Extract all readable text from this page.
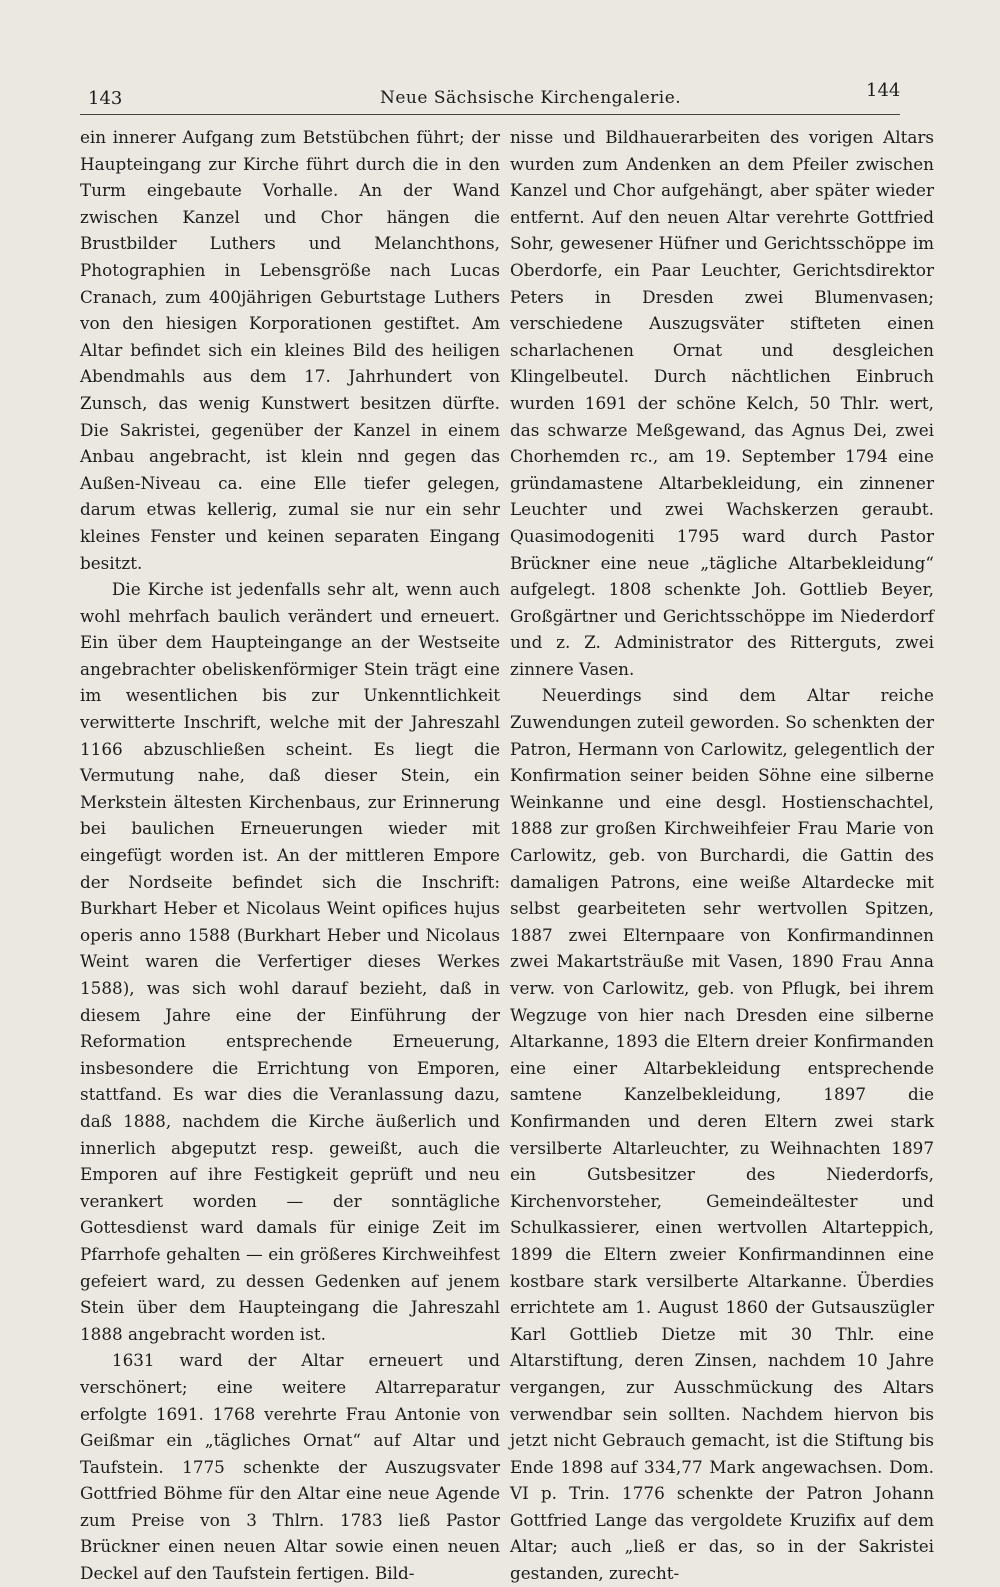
143	Neue Sächsische Kirchengalerie.	144

ein innerer Aufgang zum Betstübchen führt; der Haupteingang zur Kirche führt durch die in den Turm eingebaute Vorhalle. An der Wand zwischen Kanzel und Chor hängen die Brustbilder Luthers und Melanchthons, Photographien in Lebensgröße nach Lucas Cranach, zum 400jährigen Geburtstage Luthers von den hiesigen Korporationen gestiftet. Am Altar befindet sich ein kleines Bild des heiligen Abendmahls aus dem 17. Jahrhundert von Zunsch, das wenig Kunstwert besitzen dürfte. Die Sakristei, gegenüber der Kanzel in einem Anbau angebracht, ist klein nnd gegen das Außen-Niveau ca. eine Elle tiefer gelegen, darum etwas kellerig, zumal sie nur ein sehr kleines Fenster und keinen separaten Eingang besitzt.

Die Kirche ist jedenfalls sehr alt, wenn auch wohl mehrfach baulich verändert und erneuert. Ein über dem Haupteingange an der Westseite angebrachter obeliskenförmiger Stein trägt eine im wesentlichen bis zur Unkenntlichkeit verwitterte Inschrift, welche mit der Jahreszahl 1166 abzuschließen scheint. Es liegt die Vermutung nahe, daß dieser Stein, ein Merkstein ältesten Kirchenbaus, zur Erinnerung bei baulichen Erneuerungen wieder mit eingefügt worden ist. An der mittleren Empore der Nordseite befindet sich die Inschrift: Burkhart Heber et Nicolaus Weint opifices hujus operis anno 1588 (Burkhart Heber und Nicolaus Weint waren die Verfertiger dieses Werkes 1588), was sich wohl darauf bezieht, daß in diesem Jahre eine der Einführung der Reformation entsprechende Erneuerung, insbesondere die Errichtung von Emporen, stattfand. Es war dies die Veranlassung dazu, daß 1888, nachdem die Kirche äußerlich und innerlich abgeputzt resp. geweißt, auch die Emporen auf ihre Festigkeit geprüft und neu verankert worden — der sonntägliche Gottesdienst ward damals für einige Zeit im Pfarrhofe gehalten — ein größeres Kirchweihfest gefeiert ward, zu dessen Gedenken auf jenem Stein über dem Haupteingang die Jahreszahl 1888 angebracht worden ist.

1631 ward der Altar erneuert und verschönert; eine weitere Altarreparatur erfolgte 1691. 1768 verehrte Frau Antonie von Geißmar ein „tägliches Ornat“ auf Altar und Taufstein. 1775 schenkte der Auszugsvater Gottfried Böhme für den Altar eine neue Agende zum Preise von 3 Thlrn. 1783 ließ Pastor Brückner einen neuen Altar sowie einen neuen Deckel auf den Taufstein fertigen. Bild-

nisse und Bildhauerarbeiten des vorigen Altars wurden zum Andenken an dem Pfeiler zwischen Kanzel und Chor aufgehängt, aber später wieder entfernt. Auf den neuen Altar verehrte Gottfried Sohr, gewesener Hüfner und Gerichtsschöppe im Oberdorfe, ein Paar Leuchter, Gerichtsdirektor Peters in Dresden zwei Blumenvasen; verschiedene Auszugsväter stifteten einen scharlachenen Ornat und desgleichen Klingelbeutel. Durch nächtlichen Einbruch wurden 1691 der schöne Kelch, 50 Thlr. wert, das schwarze Meßgewand, das Agnus Dei, zwei Chorhemden rc., am 19. September 1794 eine gründamastene Altarbekleidung, ein zinnener Leuchter und zwei Wachskerzen geraubt. Quasimodogeniti 1795 ward durch Pastor Brückner eine neue „tägliche Altarbekleidung“ aufgelegt. 1808 schenkte Joh. Gottlieb Beyer, Großgärtner und Gerichtsschöppe im Niederdorf und z. Z. Administrator des Ritterguts, zwei zinnere Vasen.

Neuerdings sind dem Altar reiche Zuwendungen zuteil geworden. So schenkten der Patron, Hermann von Carlowitz, gelegentlich der Konfirmation seiner beiden Söhne eine silberne Weinkanne und eine desgl. Hostienschachtel, 1888 zur großen Kirchweihfeier Frau Marie von Carlowitz, geb. von Burchardi, die Gattin des damaligen Patrons, eine weiße Altardecke mit selbst gearbeiteten sehr wertvollen Spitzen, 1887 zwei Elternpaare von Konfirmandinnen zwei Makartsträuße mit Vasen, 1890 Frau Anna verw. von Carlowitz, geb. von Pflugk, bei ihrem Wegzuge von hier nach Dresden eine silberne Altarkanne, 1893 die Eltern dreier Konfirmanden eine einer Altarbekleidung entsprechende samtene Kanzelbekleidung, 1897 die Konfirmanden und deren Eltern zwei stark versilberte Altarleuchter, zu Weihnachten 1897 ein Gutsbesitzer des Niederdorfs, Kirchenvorsteher, Gemeindeältester und Schulkassierer, einen wertvollen Altarteppich, 1899 die Eltern zweier Konfirmandinnen eine kostbare stark versilberte Altarkanne. Überdies errichtete am 1. August 1860 der Gutsauszügler Karl Gottlieb Dietze mit 30 Thlr. eine Altarstiftung, deren Zinsen, nachdem 10 Jahre vergangen, zur Ausschmückung des Altars verwendbar sein sollten. Nachdem hiervon bis jetzt nicht Gebrauch gemacht, ist die Stiftung bis Ende 1898 auf 334,77 Mark angewachsen. Dom. VI p. Trin. 1776 schenkte der Patron Johann Gottfried Lange das vergoldete Kruzifix auf dem Altar; auch „ließ er das, so in der Sakristei gestanden, zurecht-
